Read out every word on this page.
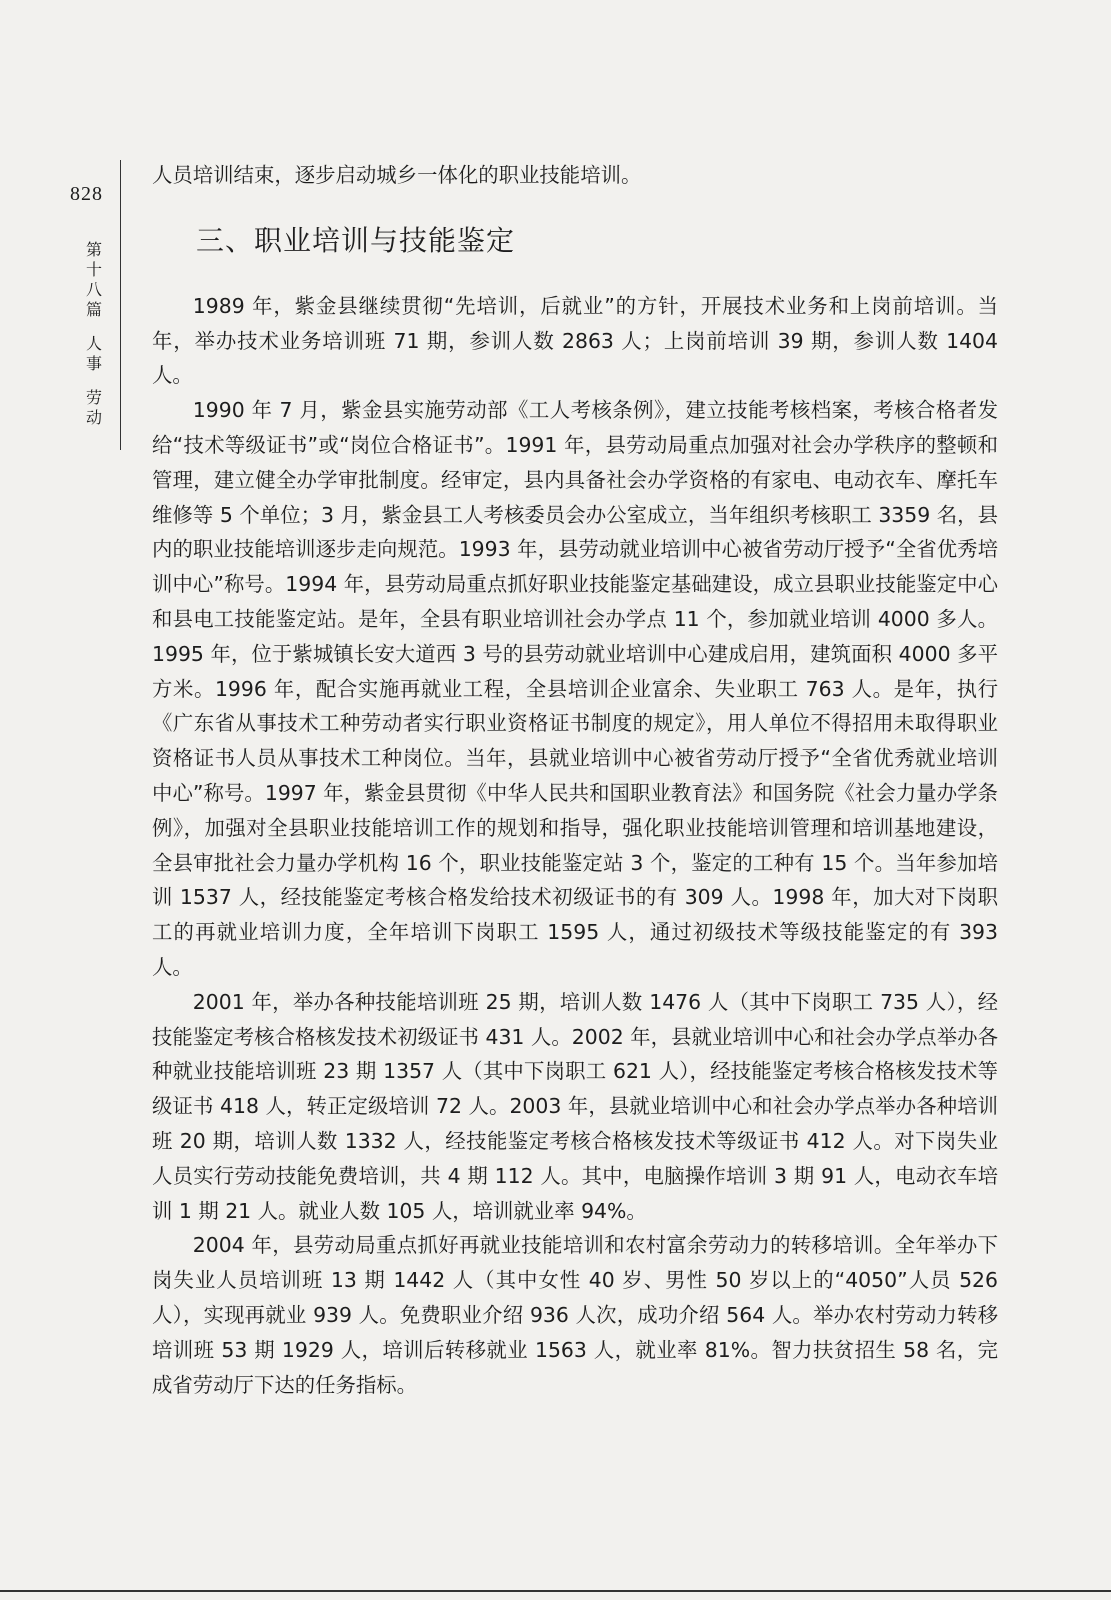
828
第
十
八
篇
人
事
劳
动

人员培训结束，逐步启动城乡一体化的职业技能培训。

三、职业培训与技能鉴定

1989 年，紫金县继续贯彻“先培训，后就业”的方针，开展技术业务和上岗前培训。当年，举办技术业务培训班 71 期，参训人数 2863 人；上岗前培训 39 期，参训人数 1404 人。

1990 年 7 月，紫金县实施劳动部《工人考核条例》，建立技能考核档案，考核合格者发给“技术等级证书”或“岗位合格证书”。1991 年，县劳动局重点加强对社会办学秩序的整顿和管理，建立健全办学审批制度。经审定，县内具备社会办学资格的有家电、电动衣车、摩托车维修等 5 个单位；3 月，紫金县工人考核委员会办公室成立，当年组织考核职工 3359 名，县内的职业技能培训逐步走向规范。1993 年，县劳动就业培训中心被省劳动厅授予“全省优秀培训中心”称号。1994 年，县劳动局重点抓好职业技能鉴定基础建设，成立县职业技能鉴定中心和县电工技能鉴定站。是年，全县有职业培训社会办学点 11 个，参加就业培训 4000 多人。1995 年，位于紫城镇长安大道西 3 号的县劳动就业培训中心建成启用，建筑面积 4000 多平方米。1996 年，配合实施再就业工程，全县培训企业富余、失业职工 763 人。是年，执行《广东省从事技术工种劳动者实行职业资格证书制度的规定》，用人单位不得招用未取得职业资格证书人员从事技术工种岗位。当年，县就业培训中心被省劳动厅授予“全省优秀就业培训中心”称号。1997 年，紫金县贯彻《中华人民共和国职业教育法》和国务院《社会力量办学条例》，加强对全县职业技能培训工作的规划和指导，强化职业技能培训管理和培训基地建设，全县审批社会力量办学机构 16 个，职业技能鉴定站 3 个，鉴定的工种有 15 个。当年参加培训 1537 人，经技能鉴定考核合格发给技术初级证书的有 309 人。1998 年，加大对下岗职工的再就业培训力度，全年培训下岗职工 1595 人，通过初级技术等级技能鉴定的有 393 人。

2001 年，举办各种技能培训班 25 期，培训人数 1476 人（其中下岗职工 735 人），经技能鉴定考核合格核发技术初级证书 431 人。2002 年，县就业培训中心和社会办学点举办各种就业技能培训班 23 期 1357 人（其中下岗职工 621 人），经技能鉴定考核合格核发技术等级证书 418 人，转正定级培训 72 人。2003 年，县就业培训中心和社会办学点举办各种培训班 20 期，培训人数 1332 人，经技能鉴定考核合格核发技术等级证书 412 人。对下岗失业人员实行劳动技能免费培训，共 4 期 112 人。其中，电脑操作培训 3 期 91 人，电动衣车培训 1 期 21 人。就业人数 105 人，培训就业率 94%。

2004 年，县劳动局重点抓好再就业技能培训和农村富余劳动力的转移培训。全年举办下岗失业人员培训班 13 期 1442 人（其中女性 40 岁、男性 50 岁以上的“4050”人员 526 人），实现再就业 939 人。免费职业介绍 936 人次，成功介绍 564 人。举办农村劳动力转移培训班 53 期 1929 人，培训后转移就业 1563 人，就业率 81%。智力扶贫招生 58 名，完成省劳动厅下达的任务指标。
